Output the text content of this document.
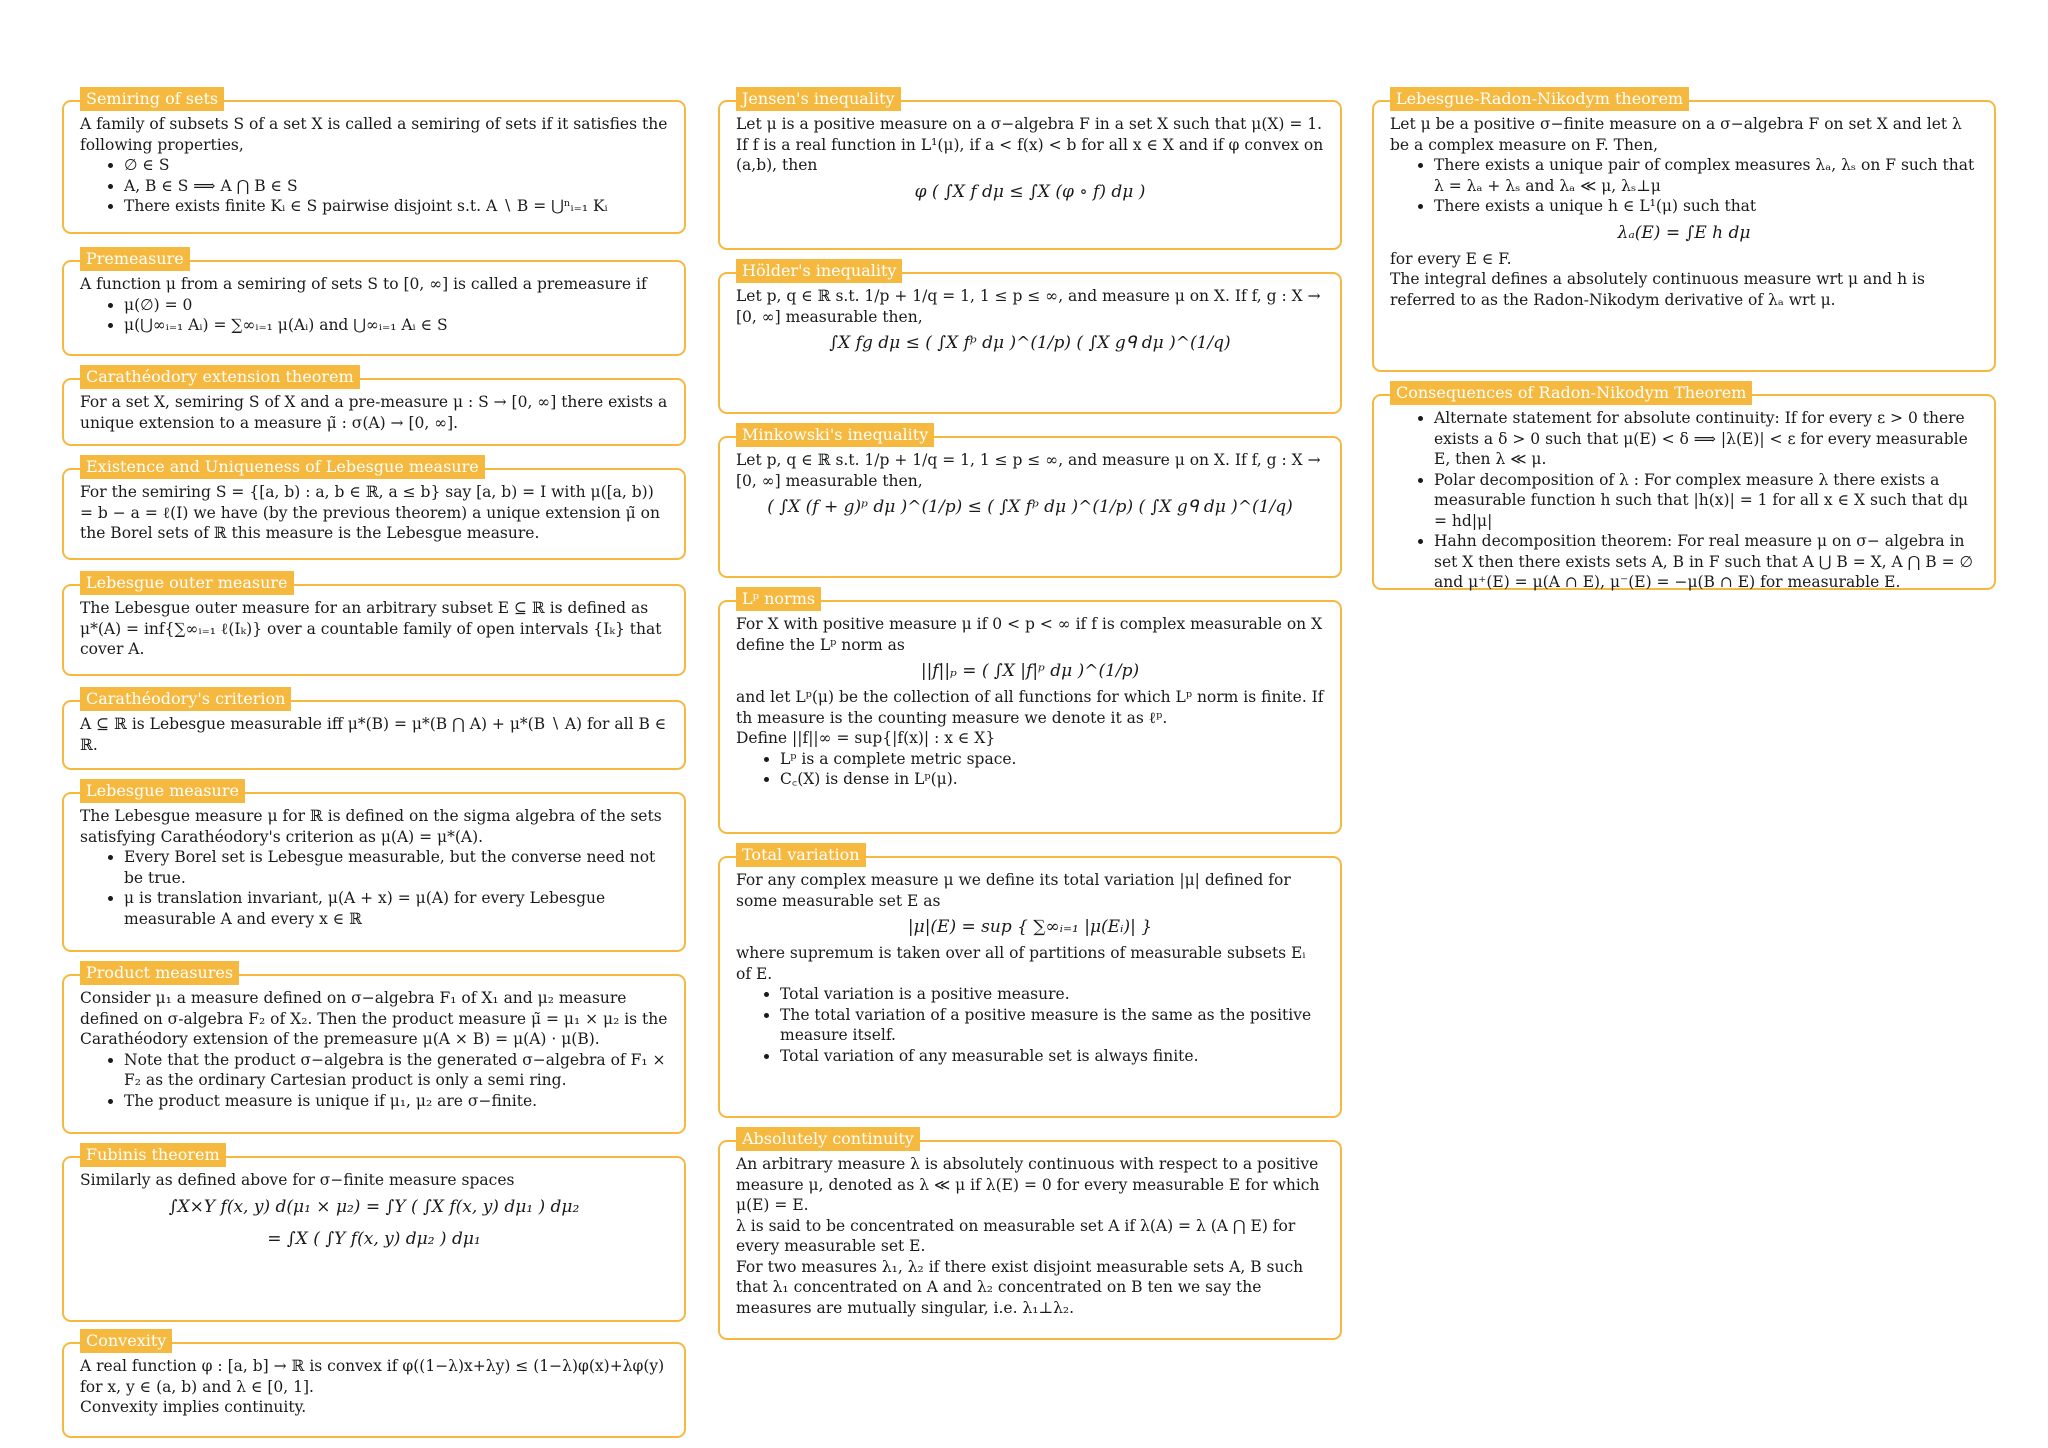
Semiring of sets

A family of subsets S of a set X is called a semiring of sets if it satisfies the following properties,

• ∅ ∈ S
• A, B ∈ S ⟹ A ⋂ B ∈ S
• There exists finite Kᵢ ∈ S pairwise disjoint s.t. A ∖ B = ⋃ⁿᵢ₌₁ Kᵢ
Premeasure

A function μ from a semiring of sets S to [0, ∞] is called a premeasure if

• μ(∅) = 0
• μ(⋃∞ᵢ₌₁ Aᵢ) = ∑∞ᵢ₌₁ μ(Aᵢ) and ⋃∞ᵢ₌₁ Aᵢ ∈ S
Carathéodory extension theorem

For a set X, semiring S of X and a pre-measure μ : S → [0, ∞] there exists a unique extension to a measure μ̃ : σ(A) → [0, ∞].

Existence and Uniqueness of Lebesgue measure

For the semiring S = {[a, b) : a, b ∈ ℝ, a ≤ b} say [a, b) = I with μ([a, b)) = b − a = ℓ(I) we have (by the previous theorem) a unique extension μ̃ on the Borel sets of ℝ this measure is the Lebesgue measure.

Lebesgue outer measure

The Lebesgue outer measure for an arbitrary subset E ⊆ ℝ is defined as μ*(A) = inf{∑∞ᵢ₌₁ ℓ(Iₖ)} over a countable family of open intervals {Iₖ} that cover A.

Carathéodory's criterion

A ⊆ ℝ is Lebesgue measurable iff μ*(B) = μ*(B ⋂ A) + μ*(B ∖ A) for all B ∈ ℝ.

Lebesgue measure

The Lebesgue measure μ for ℝ is defined on the sigma algebra of the sets satisfying Carathéodory's criterion as μ(A) = μ*(A).

• Every Borel set is Lebesgue measurable, but the converse need not be true.
• μ is translation invariant, μ(A + x) = μ(A) for every Lebesgue measurable A and every x ∈ ℝ
Product measures

Consider μ₁ a measure defined on σ−algebra F₁ of X₁ and μ₂ measure defined on σ-algebra F₂ of X₂. Then the product measure μ̃ = μ₁ × μ₂ is the Carathéodory extension of the premeasure μ(A × B) = μ(A) · μ(B).

• Note that the product σ−algebra is the generated σ−algebra of F₁ × F₂ as the ordinary Cartesian product is only a semi ring.
• The product measure is unique if μ₁, μ₂ are σ−finite.
Fubinis theorem

Similarly as defined above for σ−finite measure spaces

∫X×Y f(x, y) d(μ₁ × μ₂) = ∫Y ( ∫X f(x, y) dμ₁ ) dμ₂
= ∫X ( ∫Y f(x, y) dμ₂ ) dμ₁
Convexity

A real function φ : [a, b] → ℝ is convex if φ((1−λ)x+λy) ≤ (1−λ)φ(x)+λφ(y) for x, y ∈ (a, b) and λ ∈ [0, 1].

Convexity implies continuity.

Jensen's inequality

Let μ is a positive measure on a σ−algebra F in a set X such that μ(X) = 1. If f is a real function in L¹(μ), if a < f(x) < b for all x ∈ X and if φ convex on (a,b), then

φ ( ∫X f dμ ≤ ∫X (φ ∘ f) dμ )
Hölder's inequality

Let p, q ∈ ℝ s.t. 1/p + 1/q = 1, 1 ≤ p ≤ ∞, and measure μ on X. If f, g : X → [0, ∞] measurable then,

∫X fg dμ ≤ ( ∫X fᵖ dμ )^(1/p) ( ∫X gᑫ dμ )^(1/q)
Minkowski's inequality

Let p, q ∈ ℝ s.t. 1/p + 1/q = 1, 1 ≤ p ≤ ∞, and measure μ on X. If f, g : X → [0, ∞] measurable then,

( ∫X (f + g)ᵖ dμ )^(1/p) ≤ ( ∫X fᵖ dμ )^(1/p) ( ∫X gᑫ dμ )^(1/q)
Lᵖ norms

For X with positive measure μ if 0 < p < ∞ if f is complex measurable on X define the Lᵖ norm as

||f||ₚ = ( ∫X |f|ᵖ dμ )^(1/p)

and let Lᵖ(μ) be the collection of all functions for which Lᵖ norm is finite. If th measure is the counting measure we denote it as ℓᵖ.

Define ||f||∞ = sup{|f(x)| : x ∈ X}

• Lᵖ is a complete metric space.
• C꜀(X) is dense in Lᵖ(μ).
Total variation

For any complex measure μ we define its total variation |μ| defined for some measurable set E as

|μ|(E) = sup { ∑∞ᵢ₌₁ |μ(Eᵢ)| }

where supremum is taken over all of partitions of measurable subsets Eᵢ of E.

• Total variation is a positive measure.
• The total variation of a positive measure is the same as the positive measure itself.
• Total variation of any measurable set is always finite.
Absolutely continuity

An arbitrary measure λ is absolutely continuous with respect to a positive measure μ, denoted as λ ≪ μ if λ(E) = 0 for every measurable E for which μ(E) = E.

λ is said to be concentrated on measurable set A if λ(A) = λ (A ⋂ E) for every measurable set E.

For two measures λ₁, λ₂ if there exist disjoint measurable sets A, B such that λ₁ concentrated on A and λ₂ concentrated on B ten we say the measures are mutually singular, i.e. λ₁⊥λ₂.

Lebesgue-Radon-Nikodym theorem

Let μ be a positive σ−finite measure on a σ−algebra F on set X and let λ be a complex measure on F. Then,

• There exists a unique pair of complex measures λₐ, λₛ on F such that λ = λₐ + λₛ and λₐ ≪ μ, λₛ⊥μ
• There exists a unique h ∈ L¹(μ) such that
λₐ(E) = ∫E h dμ

for every E ∈ F.

The integral defines a absolutely continuous measure wrt μ and h is referred to as the Radon-Nikodym derivative of λₐ wrt μ.

Consequences of Radon-Nikodym Theorem
• Alternate statement for absolute continuity: If for every ε > 0 there exists a δ > 0 such that μ(E) < δ ⟹ |λ(E)| < ε for every measurable E, then λ ≪ μ.
• Polar decomposition of λ : For complex measure λ there exists a measurable function h such that |h(x)| = 1 for all x ∈ X such that dμ = hd|μ|
• Hahn decomposition theorem: For real measure μ on σ− algebra in set X then there exists sets A, B in F such that A ⋃ B = X, A ⋂ B = ∅ and μ⁺(E) = μ(A ∩ E), μ⁻(E) = −μ(B ∩ E) for measurable E.
